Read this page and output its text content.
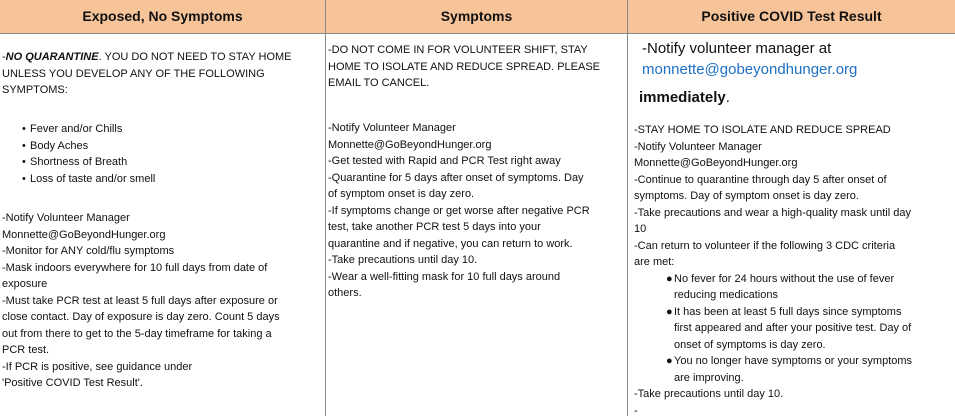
Exposed, No Symptoms	Symptoms	Positive COVID Test Result
-NO QUARANTINE. YOU DO NOT NEED TO STAY HOME
UNLESS YOU DEVELOP ANY OF THE FOLLOWING
SYMPTOMS:
• Fever and/or Chills
• Body Aches
• Shortness of Breath
• Loss of taste and/or smell
-Notify Volunteer Manager
Monnette@GoBeyondHunger.org
-Monitor for ANY cold/flu symptoms
-Mask indoors everywhere for 10 full days from date of
exposure
-Must take PCR test at least 5 full days after exposure or
close contact. Day of exposure is day zero. Count 5 days
out from there to get to the 5-day timeframe for taking a
PCR test.
-If PCR is positive, see guidance under
'Positive COVID Test Result'.
-DO NOT COME IN FOR VOLUNTEER SHIFT, STAY
HOME TO ISOLATE AND REDUCE SPREAD. PLEASE
EMAIL TO CANCEL.
-Notify Volunteer Manager
Monnette@GoBeyondHunger.org
-Get tested with Rapid and PCR Test right away
-Quarantine for 5 days after onset of symptoms. Day
of symptom onset is day zero.
-If symptoms change or get worse after negative PCR
test, take another PCR test 5 days into your
quarantine and if negative, you can return to work.
-Take precautions until day 10.
-Wear a well-fitting mask for 10 full days around
others.
-Notify volunteer manager at
monnette@gobeyondhunger.org
immediately.
-STAY HOME TO ISOLATE AND REDUCE SPREAD
-Notify Volunteer Manager
Monnette@GoBeyondHunger.org
-Continue to quarantine through day 5 after onset of
symptoms. Day of symptom onset is day zero.
-Take precautions and wear a high-quality mask until day
10
-Can return to volunteer if the following 3 CDC criteria
are met:
● No fever for 24 hours without the use of fever
reducing medications
● It has been at least 5 full days since symptoms
first appeared and after your positive test. Day of
onset of symptoms is day zero.
● You no longer have symptoms or your symptoms
are improving.
-Take precautions until day 10.
-
